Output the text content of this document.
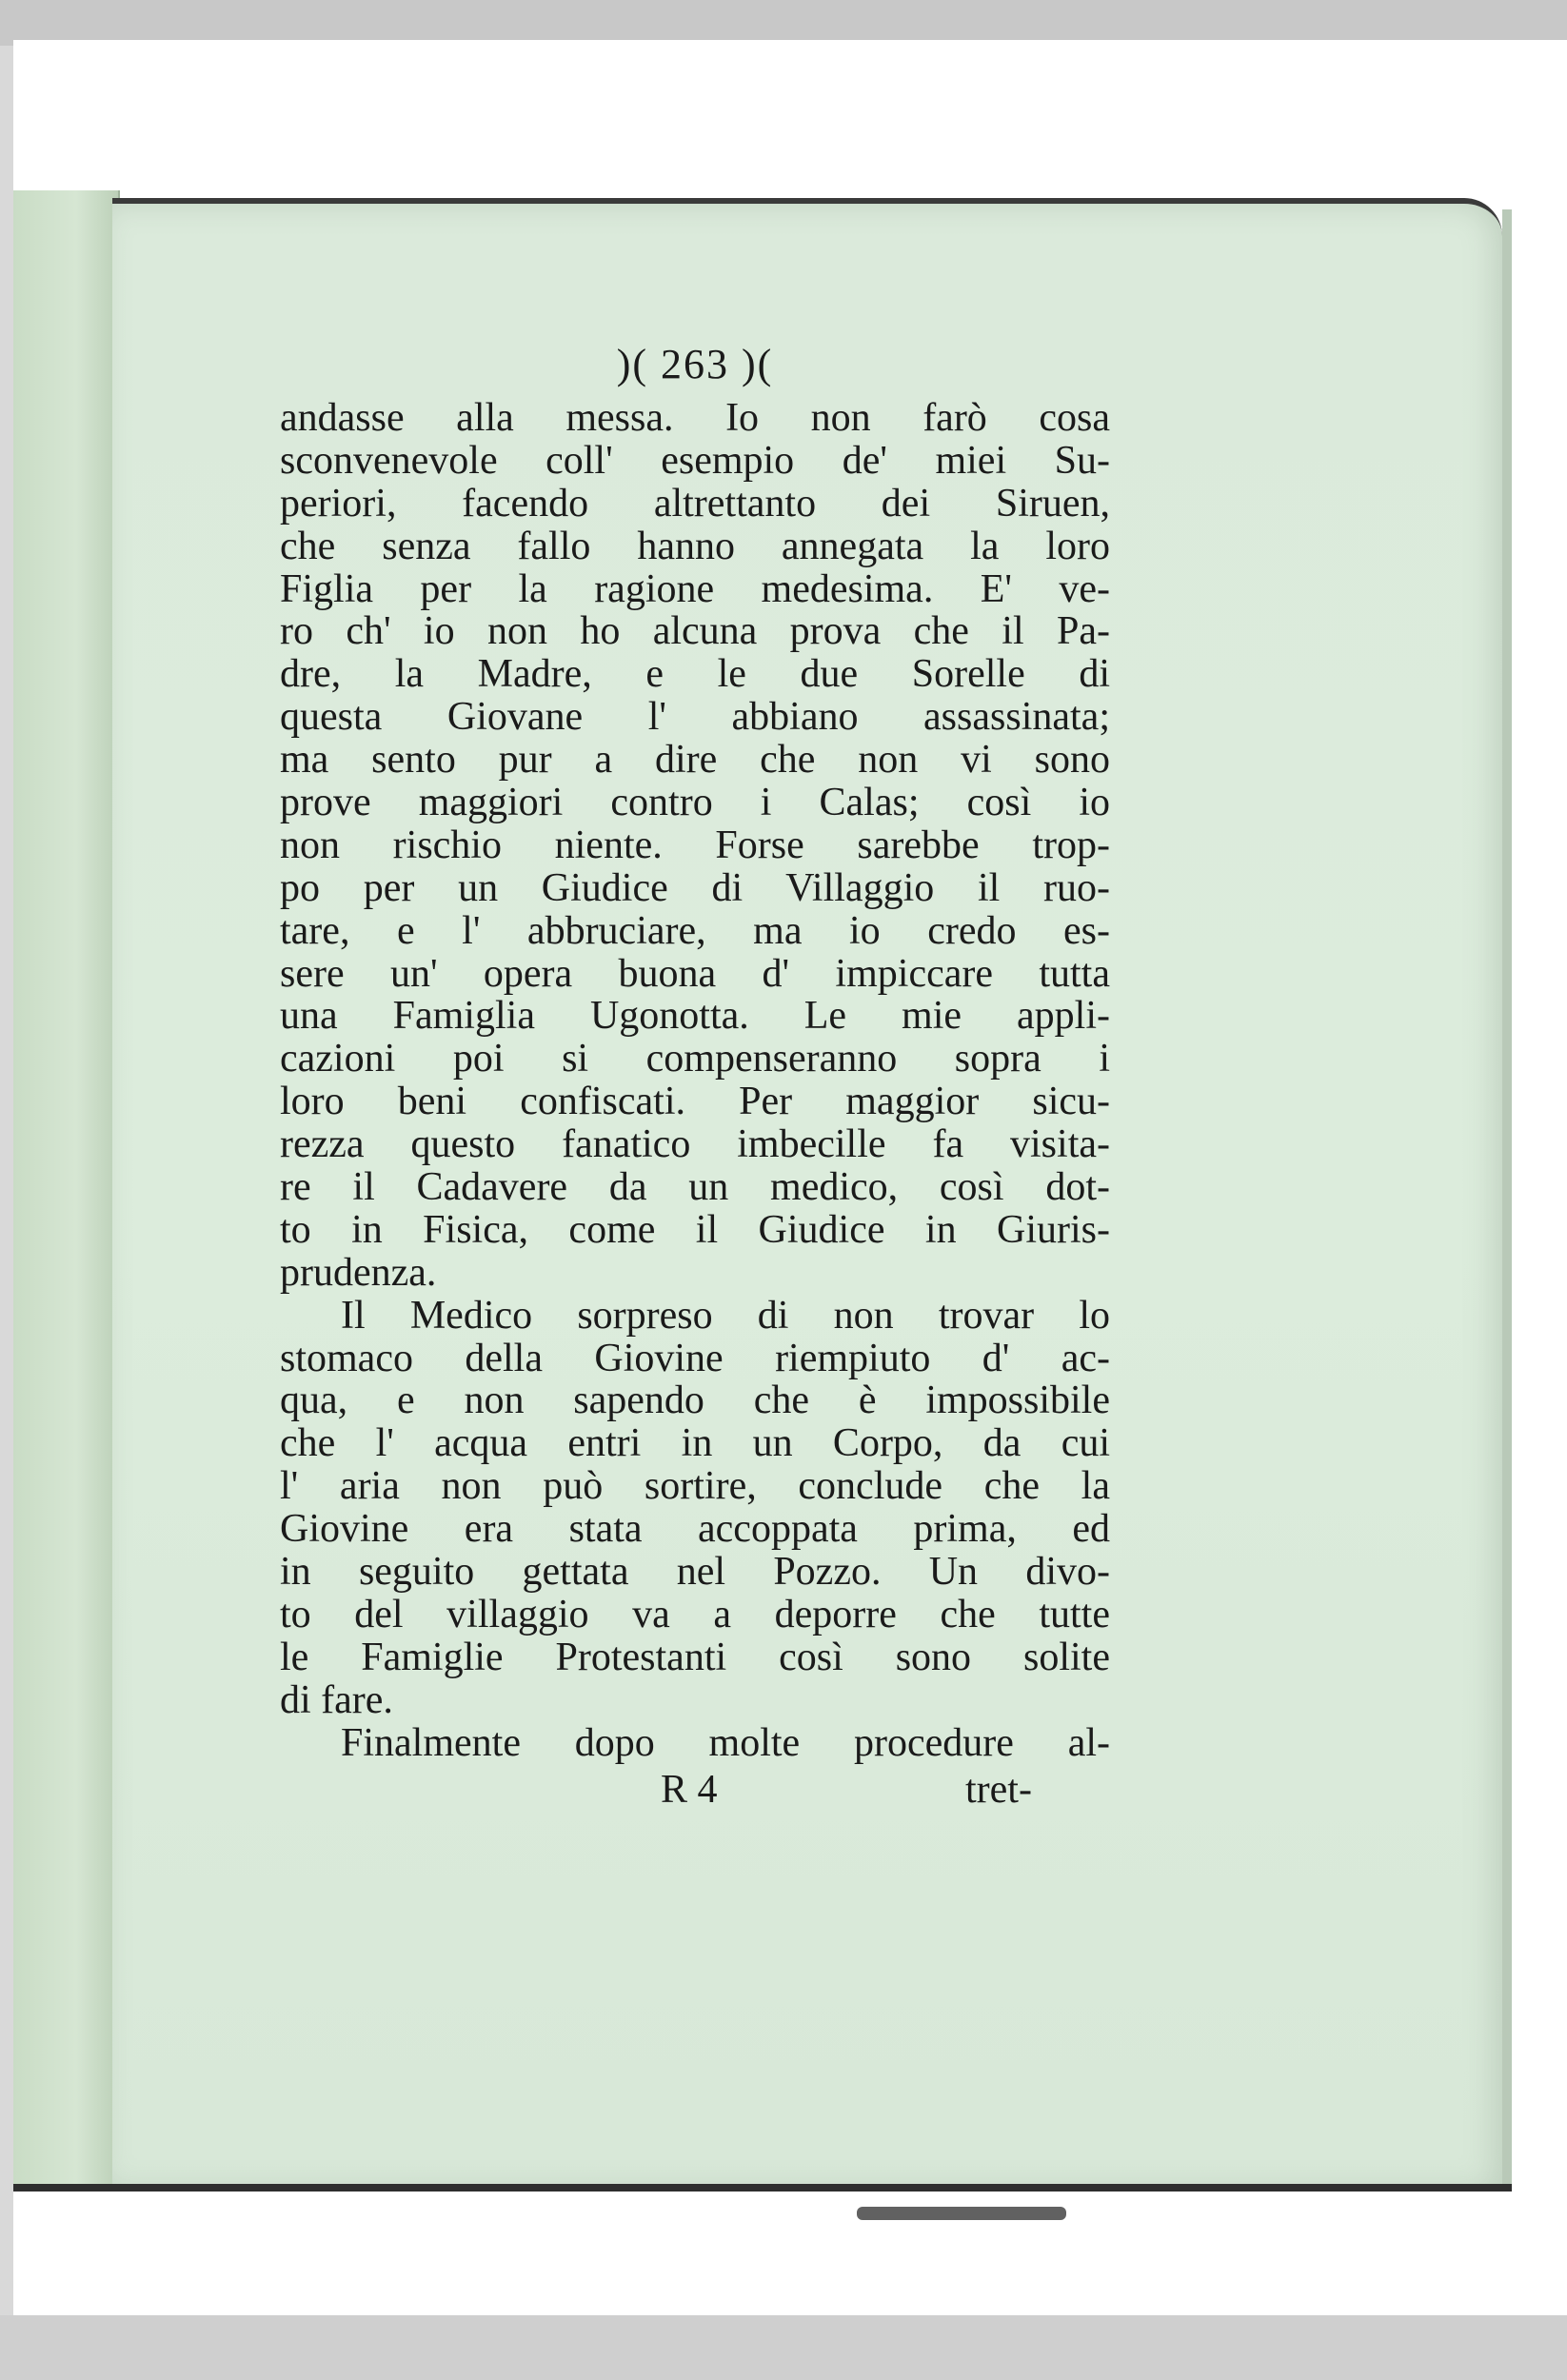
)( 263 )(
andasse alla messa. Io non farò cosa
sconvenevole coll' esempio de' miei Su-
periori, facendo altrettanto dei Siruen,
che senza fallo hanno annegata la loro
Figlia per la ragione medesima. E' ve-
ro ch' io non ho alcuna prova che il Pa-
dre, la Madre, e le due Sorelle di
questa Giovane l' abbiano assassinata;
ma sento pur a dire che non vi sono
prove maggiori contro i Calas; così io
non rischio niente. Forse sarebbe trop-
po per un Giudice di Villaggio il ruo-
tare, e l' abbruciare, ma io credo es-
sere un' opera buona d' impiccare tutta
una Famiglia Ugonotta. Le mie appli-
cazioni poi si compenseranno sopra i
loro beni confiscati. Per maggior sicu-
rezza questo fanatico imbecille fa visita-
re il Cadavere da un medico, così dot-
to in Fisica, come il Giudice in Giuris-
prudenza.
Il Medico sorpreso di non trovar lo
stomaco della Giovine riempiuto d' ac-
qua, e non sapendo che è impossibile
che l' acqua entri in un Corpo, da cui
l' aria non può sortire, conclude che la
Giovine era stata accoppata prima, ed
in seguito gettata nel Pozzo. Un divo-
to del villaggio va a deporre che tutte
le Famiglie Protestanti così sono solite
di fare.
Finalmente dopo molte procedure al-
R 4	tret-
